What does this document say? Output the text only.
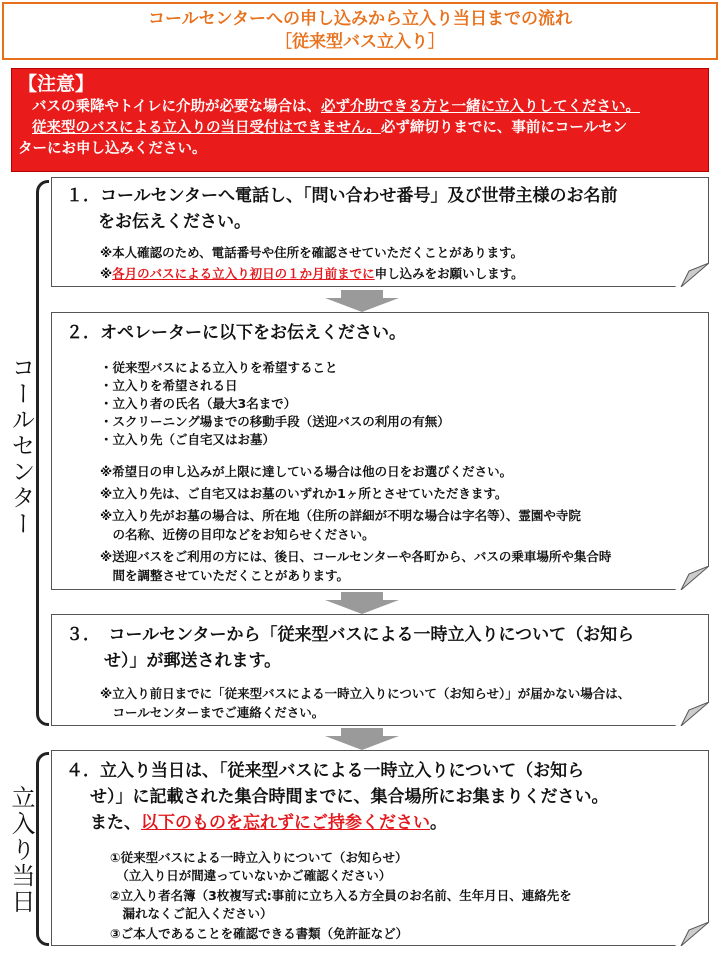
コールセンターへの申し込みから立入り当日までの流れ
［従来型バス立入り］
【注意】
バスの乗降やトイレに介助が必要な場合は、必ず介助できる方と一緒に立入りしてください。
従来型のバスによる立入りの当日受付はできません。必ず締切りまでに、事前にコールセン
ターにお申し込みください。
コールセンター
立入り当日
１．コールセンターへ電話し、「問い合わせ番号」及び世帯主様のお名前
をお伝えください。
※本人確認のため、電話番号や住所を確認させていただくことがあります。
※各月のバスによる立入り初日の１か月前までに申し込みをお願いします。
２．オペレーターに以下をお伝えください。
・従来型バスによる立入りを希望すること
・立入りを希望される日
・立入り者の氏名（最大3名まで）
・スクリーニング場までの移動手段（送迎バスの利用の有無）
・立入り先（ご自宅又はお墓）
※希望日の申し込みが上限に達している場合は他の日をお選びください。
※立入り先は、ご自宅又はお墓のいずれか1ヶ所とさせていただきます。
※立入り先がお墓の場合は、所在地（住所の詳細が不明な場合は字名等）、霊園や寺院
　の名称、近傍の目印などをお知らせください。
※送迎バスをご利用の方には、後日、コールセンターや各町から、バスの乗車場所や集合時
　間を調整させていただくことがあります。
３．　コールセンターから「従来型バスによる一時立入りについて（お知ら
せ）」が郵送されます。
※立入り前日までに「従来型バスによる一時立入りについて（お知らせ）」が届かない場合は、
　コールセンターまでご連絡ください。
４．立入り当日は、「従来型バスによる一時立入りについて（お知ら
せ）」に記載された集合時間までに、集合場所にお集まりください。
また、以下のものを忘れずにご持参ください。
①従来型バスによる一時立入りについて（お知らせ）
　（立入り日が間違っていないかご確認ください）
②立入り者名簿（3枚複写式:事前に立ち入る方全員のお名前、生年月日、連絡先を
　漏れなくご記入ください）
③ご本人であることを確認できる書類（免許証など）
